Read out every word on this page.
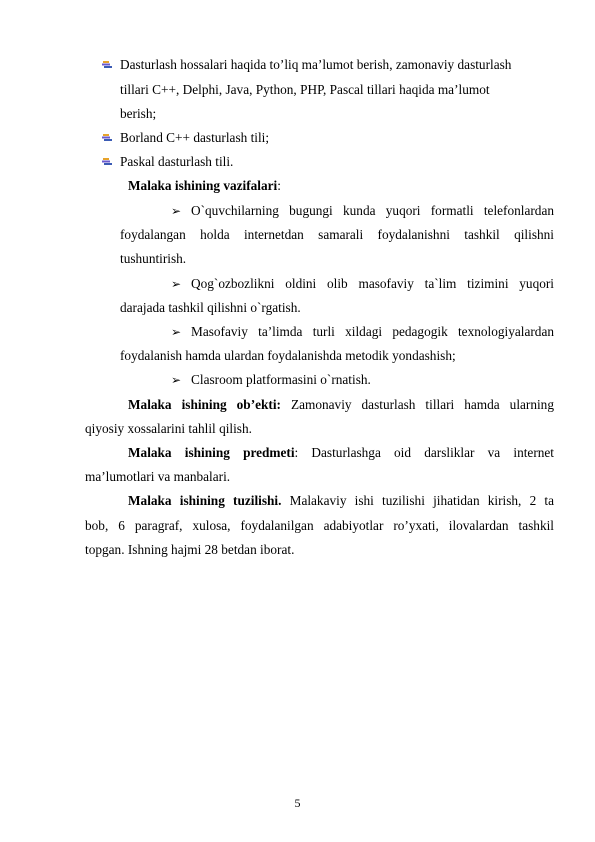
Dasturlash hossalari haqida to’liq ma’lumot berish, zamonaviy dasturlash
tillari C++, Delphi, Java, Python, PHP, Pascal tillari haqida ma’lumot
berish;
Borland C++ dasturlash tili;
Paskal dasturlash tili.
Malaka ishining vazifalari:
➢ O`quvchilarning bugungi kunda yuqori formatli telefonlardan
foydalangan holda internetdan samarali foydalanishni tashkil qilishni
tushuntirish.
➢ Qog`ozbozlikni oldini olib masofaviy ta`lim tizimini yuqori
darajada tashkil qilishni o`rgatish.
➢ Masofaviy ta’limda turli xildagi pedagogik texnologiyalardan
foydalanish hamda ulardan foydalanishda metodik yondashish;
➢ Clasroom platformasini o`rnatish.
Malaka ishining ob’ekti: Zamonaviy dasturlash tillari hamda ularning
qiyosiy xossalarini tahlil qilish.
Malaka ishining predmeti: Dasturlashga oid darsliklar va internet
ma’lumotlari va manbalari.
Malaka ishining tuzilishi. Malakaviy ishi tuzilishi jihatidan kirish, 2 ta
bob, 6 paragraf, xulosa, foydalanilgan adabiyotlar ro’yxati, ilovalardan tashkil
topgan. Ishning hajmi 28 betdan iborat.
5
